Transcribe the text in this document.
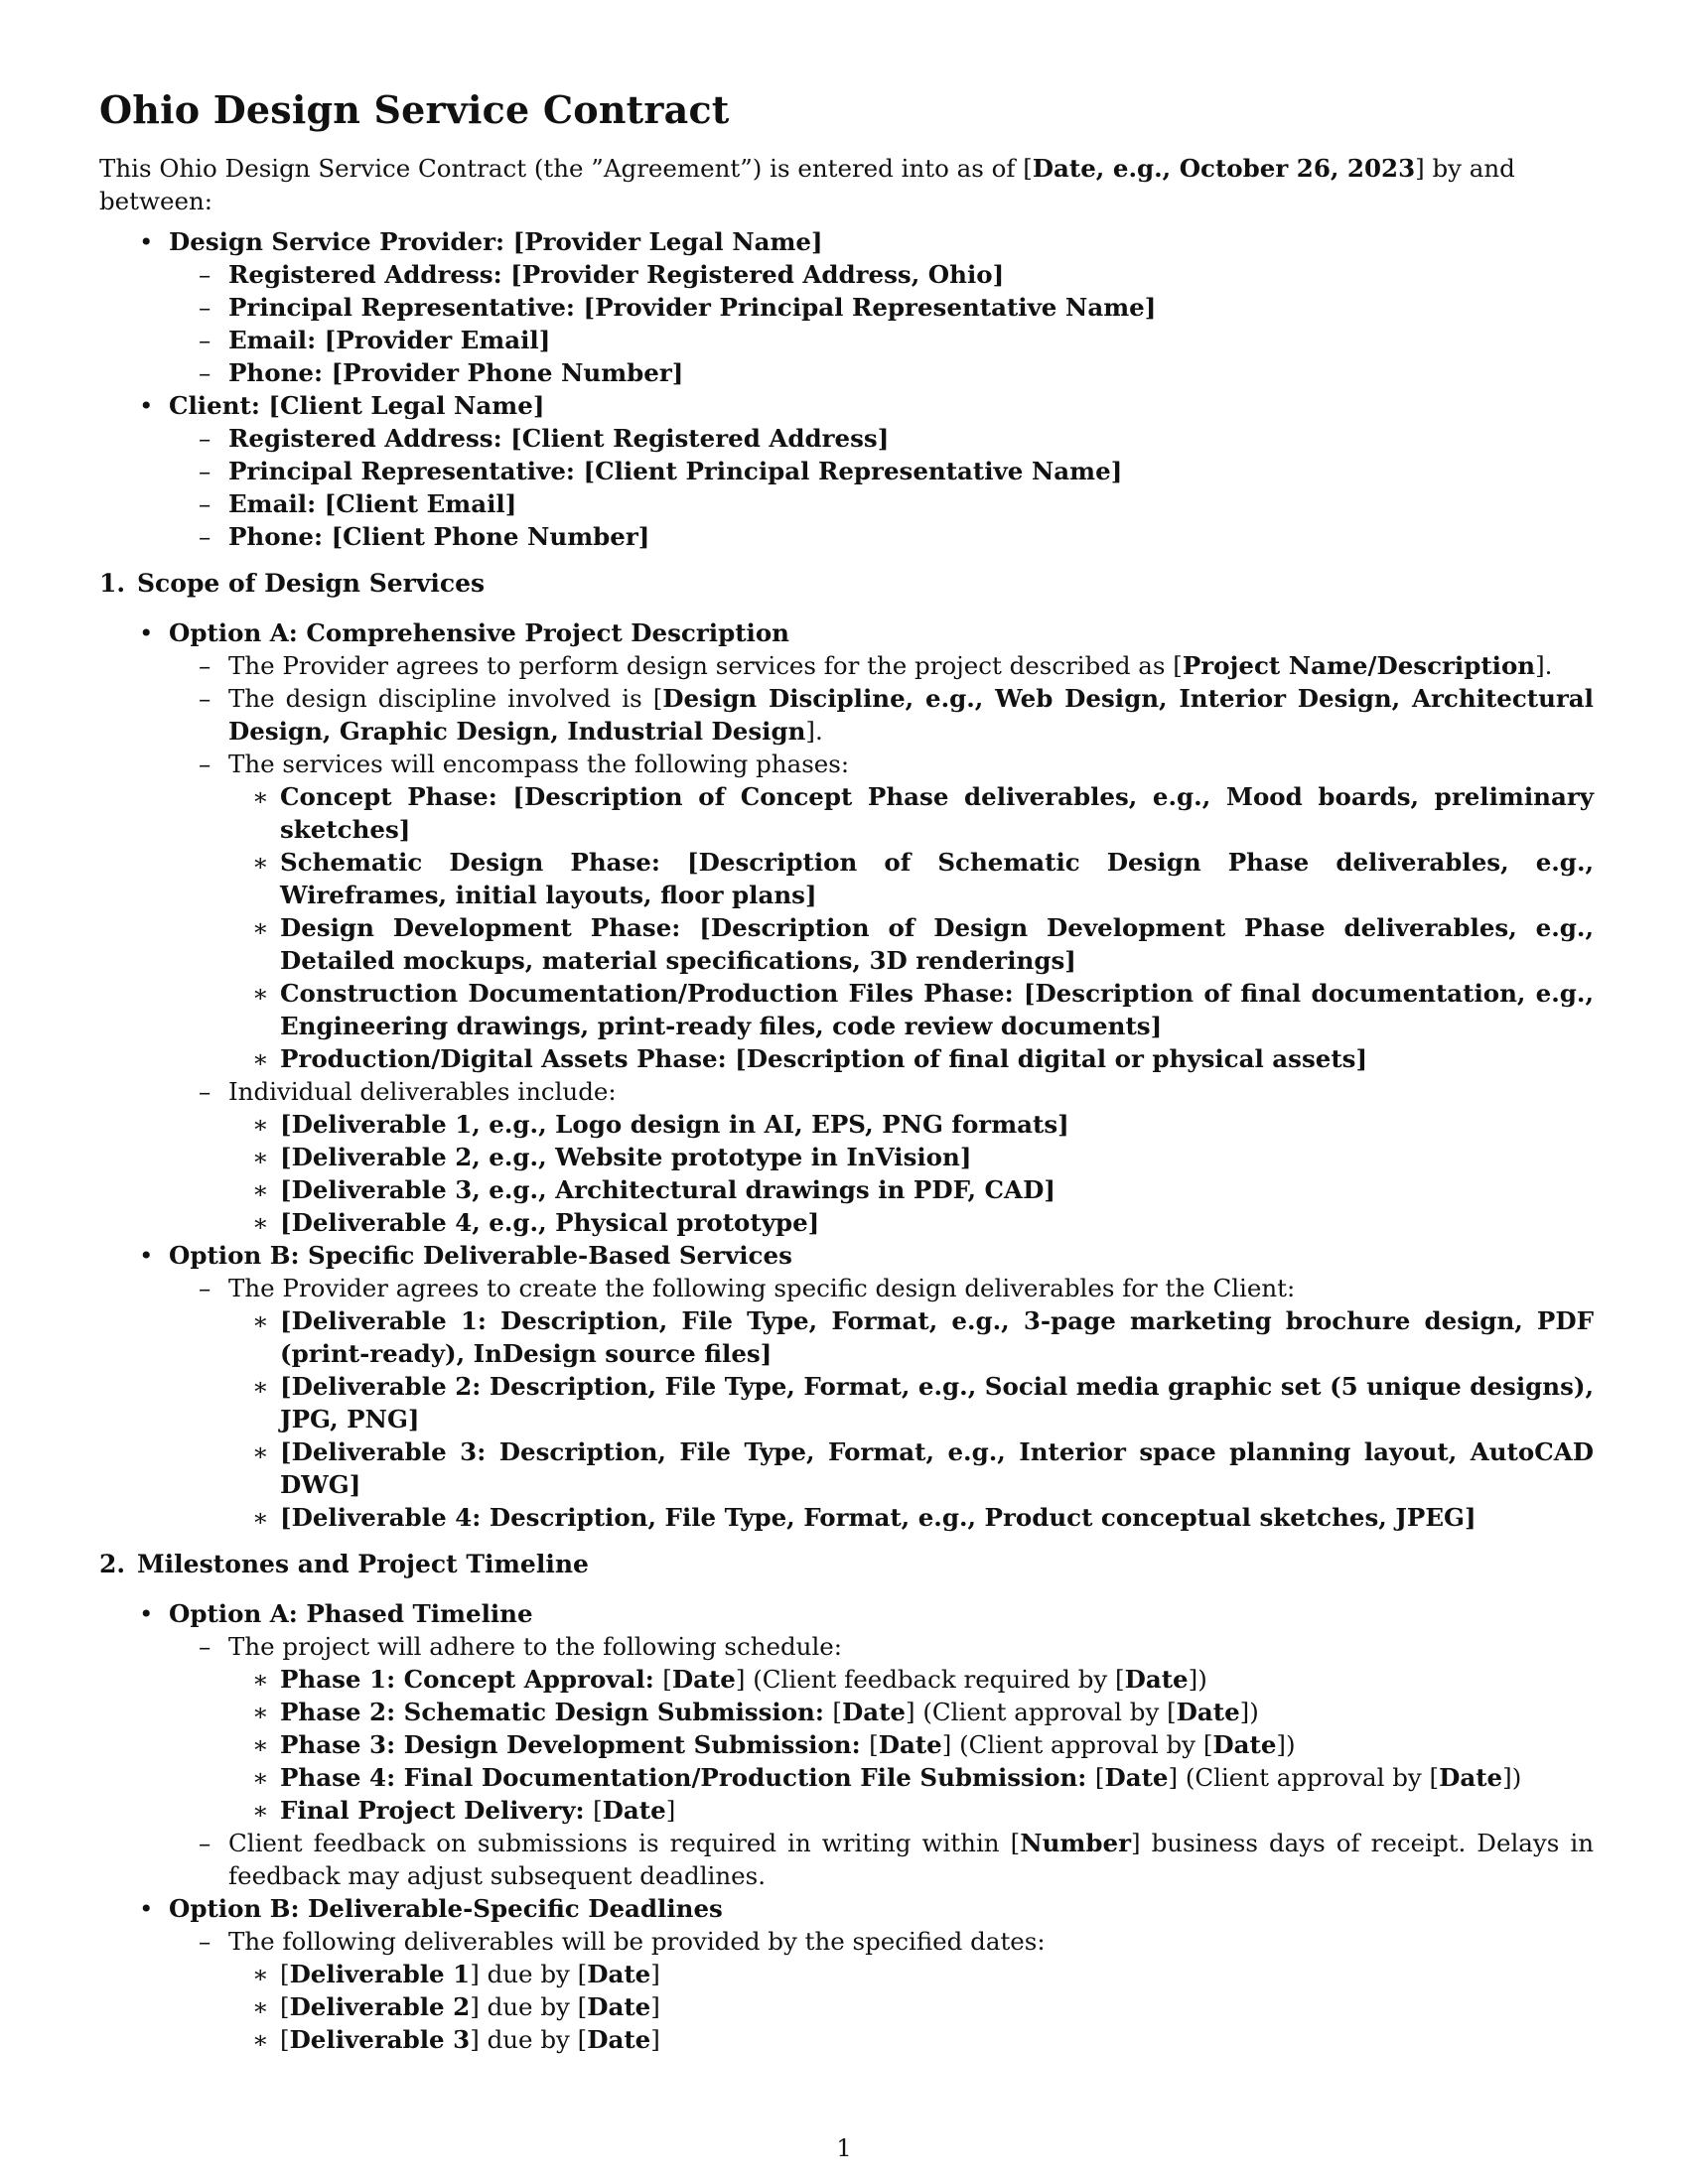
Ohio Design Service Contract

This Ohio Design Service Contract (the ”Agreement”) is entered into as of [Date, e.g., October 26, 2023] by and between:

• Design Service Provider: [Provider Legal Name]
– Registered Address: [Provider Registered Address, Ohio]
– Principal Representative: [Provider Principal Representative Name]
– Email: [Provider Email]
– Phone: [Provider Phone Number]
• Client: [Client Legal Name]
– Registered Address: [Client Registered Address]
– Principal Representative: [Client Principal Representative Name]
– Email: [Client Email]
– Phone: [Client Phone Number]
1. Scope of Design Services
• Option A: Comprehensive Project Description
– The Provider agrees to perform design services for the project described as [Project Name/Description].
– The design discipline involved is [Design Discipline, e.g., Web Design, Interior Design, Architectural Design, Graphic Design, Industrial Design].
– The services will encompass the following phases:
∗ Concept Phase: [Description of Concept Phase deliverables, e.g., Mood boards, preliminary sketches]
∗ Schematic Design Phase: [Description of Schematic Design Phase deliverables, e.g., Wireframes, initial layouts, floor plans]
∗ Design Development Phase: [Description of Design Development Phase deliverables, e.g., Detailed mockups, material specifications, 3D renderings]
∗ Construction Documentation/Production Files Phase: [Description of final documentation, e.g., Engineering drawings, print-ready files, code review documents]
∗ Production/Digital Assets Phase: [Description of final digital or physical assets]
– Individual deliverables include:
∗ [Deliverable 1, e.g., Logo design in AI, EPS, PNG formats]
∗ [Deliverable 2, e.g., Website prototype in InVision]
∗ [Deliverable 3, e.g., Architectural drawings in PDF, CAD]
∗ [Deliverable 4, e.g., Physical prototype]
• Option B: Specific Deliverable-Based Services
– The Provider agrees to create the following specific design deliverables for the Client:
∗ [Deliverable 1: Description, File Type, Format, e.g., 3-page marketing brochure design, PDF (print-ready), InDesign source files]
∗ [Deliverable 2: Description, File Type, Format, e.g., Social media graphic set (5 unique designs), JPG, PNG]
∗ [Deliverable 3: Description, File Type, Format, e.g., Interior space planning layout, AutoCAD DWG]
∗ [Deliverable 4: Description, File Type, Format, e.g., Product conceptual sketches, JPEG]
2. Milestones and Project Timeline
• Option A: Phased Timeline
– The project will adhere to the following schedule:
∗ Phase 1: Concept Approval: [Date] (Client feedback required by [Date])
∗ Phase 2: Schematic Design Submission: [Date] (Client approval by [Date])
∗ Phase 3: Design Development Submission: [Date] (Client approval by [Date])
∗ Phase 4: Final Documentation/Production File Submission: [Date] (Client approval by [Date])
∗ Final Project Delivery: [Date]
– Client feedback on submissions is required in writing within [Number] business days of receipt. Delays in feedback may adjust subsequent deadlines.
• Option B: Deliverable-Specific Deadlines
– The following deliverables will be provided by the specified dates:
∗ [Deliverable 1] due by [Date]
∗ [Deliverable 2] due by [Date]
∗ [Deliverable 3] due by [Date]
1
